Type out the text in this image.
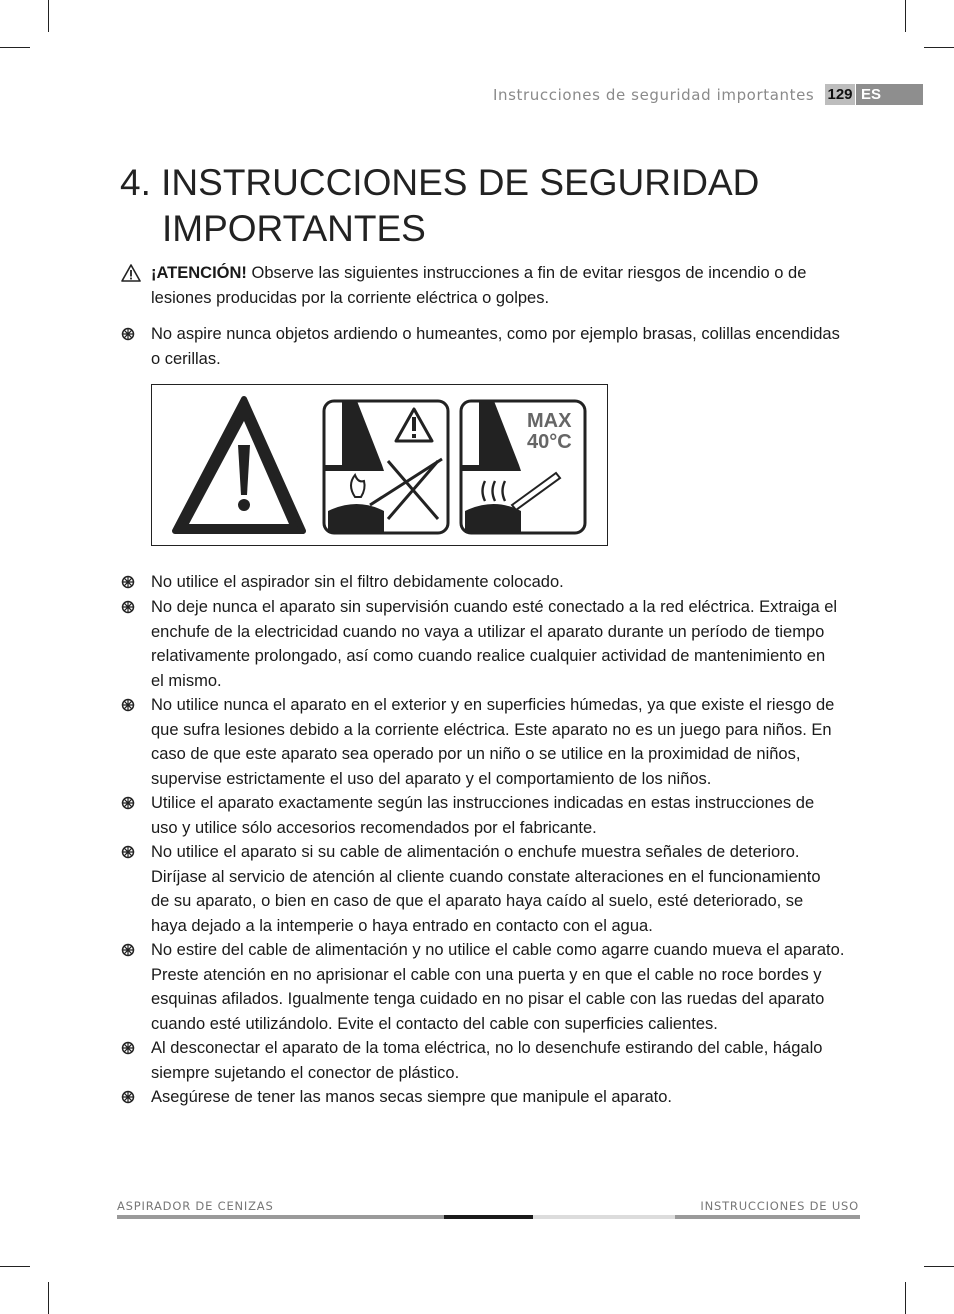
Instrucciones de seguridad importantes 129 ES
4. INSTRUCCIONES DE SEGURIDAD
IMPORTANTES
¡ATENCIÓN! Observe las siguientes instrucciones a fin de evitar riesgos de incendio o de lesiones producidas por la corriente eléctrica o golpes.
No aspire nunca objetos ardiendo o humeantes, como por ejemplo brasas, colillas encendidas o cerillas.
MAX
40°C
No utilice el aspirador sin el filtro debidamente colocado.
No deje nunca el aparato sin supervisión cuando esté conectado a la red eléctrica. Extraiga el enchufe de la electricidad cuando no vaya a utilizar el aparato durante un período de tiempo relativamente prolongado, así como cuando realice cualquier actividad de mantenimiento en el mismo.
No utilice nunca el aparato en el exterior y en superficies húmedas, ya que existe el riesgo de que sufra lesiones debido a la corriente eléctrica. Este aparato no es un juego para niños. En caso de que este aparato sea operado por un niño o se utilice en la proximidad de niños, supervise estrictamente el uso del aparato y el comportamiento de los niños.
Utilice el aparato exactamente según las instrucciones indicadas en estas instrucciones de uso y utilice sólo accesorios recomendados por el fabricante.
No utilice el aparato si su cable de alimentación o enchufe muestra señales de deterioro. Diríjase al servicio de atención al cliente cuando constate alteraciones en el funcionamiento de su aparato, o bien en caso de que el aparato haya caído al suelo, esté deteriorado, se haya dejado a la intemperie o haya entrado en contacto con el agua.
No estire del cable de alimentación y no utilice el cable como agarre cuando mueva el aparato. Preste atención en no aprisionar el cable con una puerta y en que el cable no roce bordes y esquinas afilados. Igualmente tenga cuidado en no pisar el cable con las ruedas del aparato cuando esté utilizándolo. Evite el contacto del cable con superficies calientes.
Al desconectar el aparato de la toma eléctrica, no lo desenchufe estirando del cable, hágalo siempre sujetando el conector de plástico.
Asegúrese de tener las manos secas siempre que manipule el aparato.
ASPIRADOR DE CENIZAS	INSTRUCCIONES DE USO
